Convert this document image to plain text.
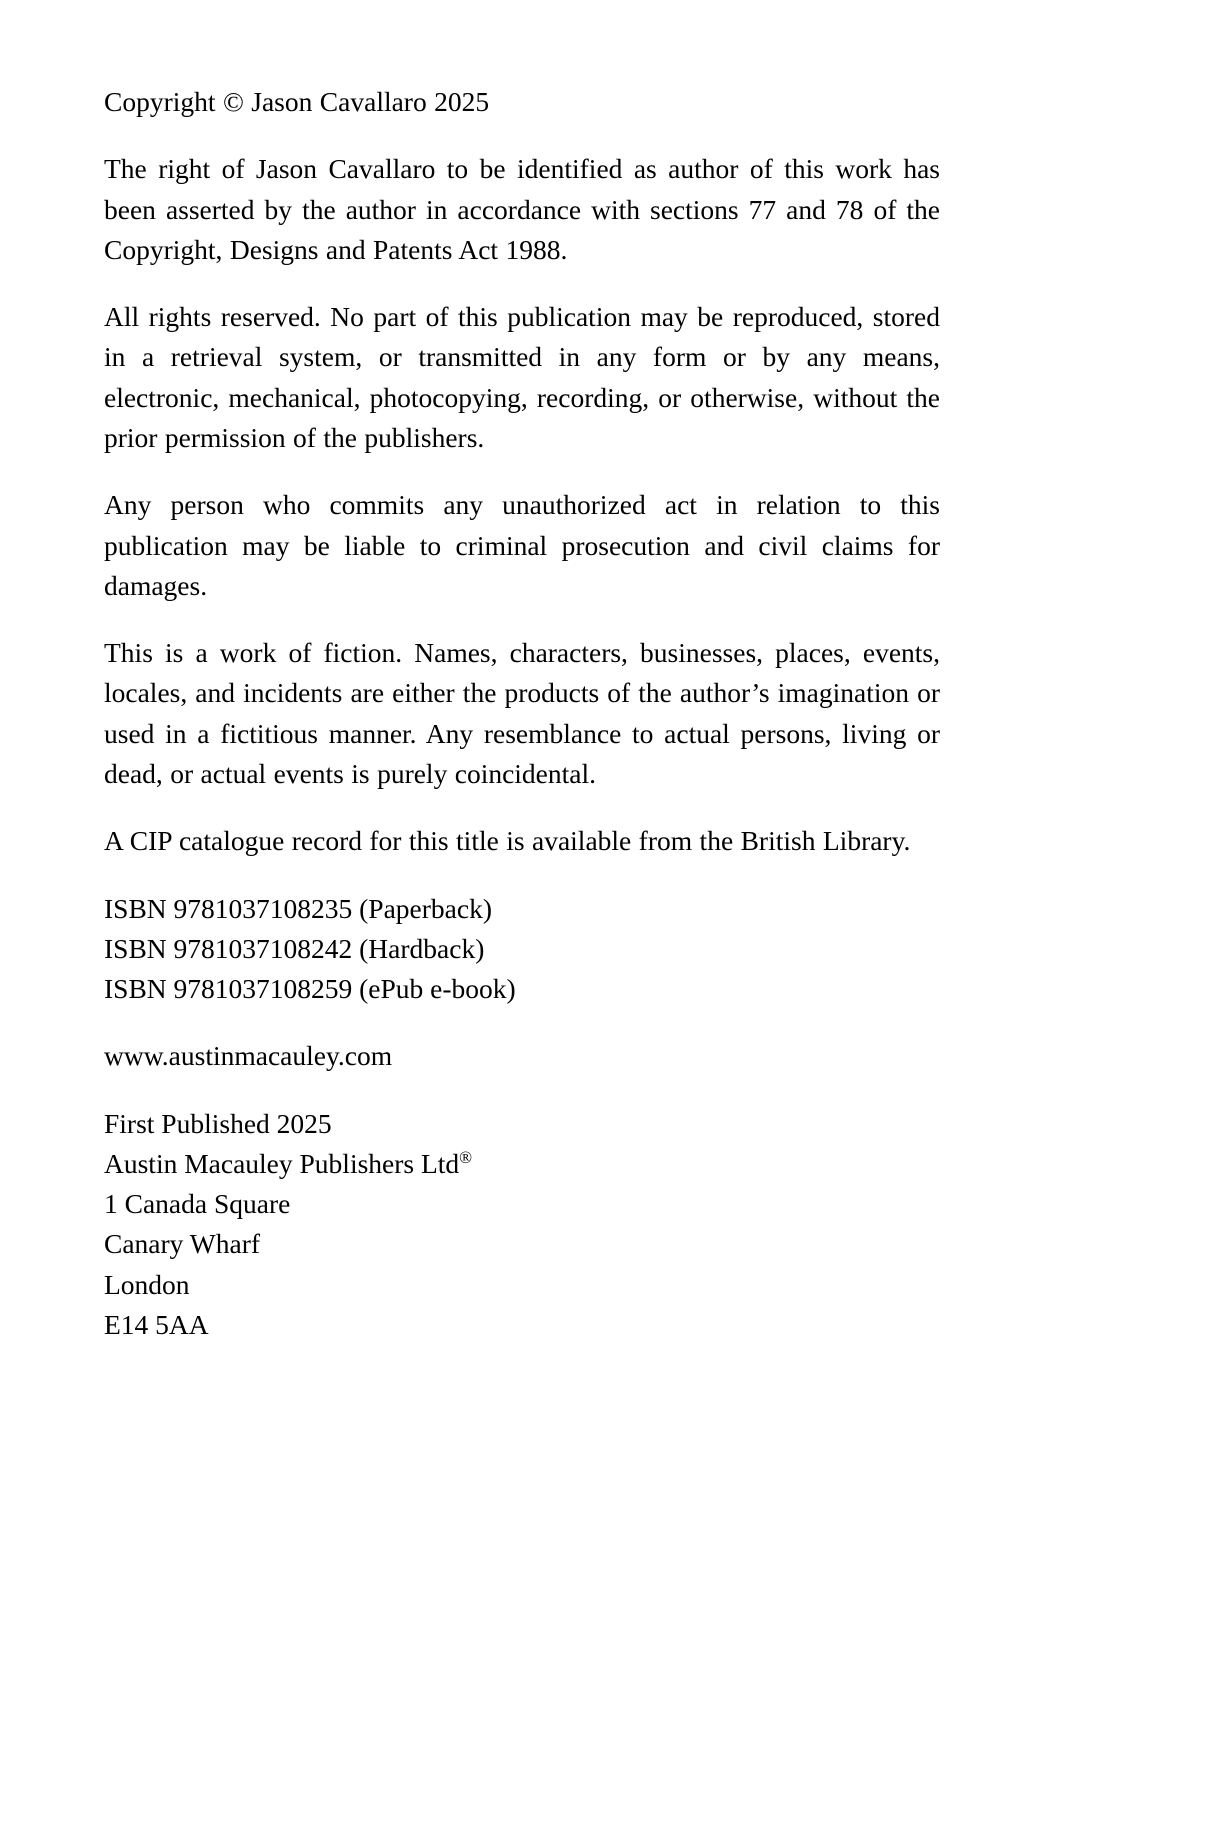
Copyright © Jason Cavallaro 2025

The right of Jason Cavallaro to be identified as author of this work has been asserted by the author in accordance with sections 77 and 78 of the Copyright, Designs and Patents Act 1988.

All rights reserved. No part of this publication may be reproduced, stored in a retrieval system, or transmitted in any form or by any means, electronic, mechanical, photocopying, recording, or otherwise, without the prior permission of the publishers.

Any person who commits any unauthorized act in relation to this publication may be liable to criminal prosecution and civil claims for damages.

This is a work of fiction. Names, characters, businesses, places, events, locales, and incidents are either the products of the author’s imagination or used in a fictitious manner. Any resemblance to actual persons, living or dead, or actual events is purely coincidental.

A CIP catalogue record for this title is available from the British Library.

ISBN 9781037108235 (Paperback)
ISBN 9781037108242 (Hardback)
ISBN 9781037108259 (ePub e-book)
www.austinmacauley.com
First Published 2025
Austin Macauley Publishers Ltd®
1 Canada Square
Canary Wharf
London
E14 5AA
